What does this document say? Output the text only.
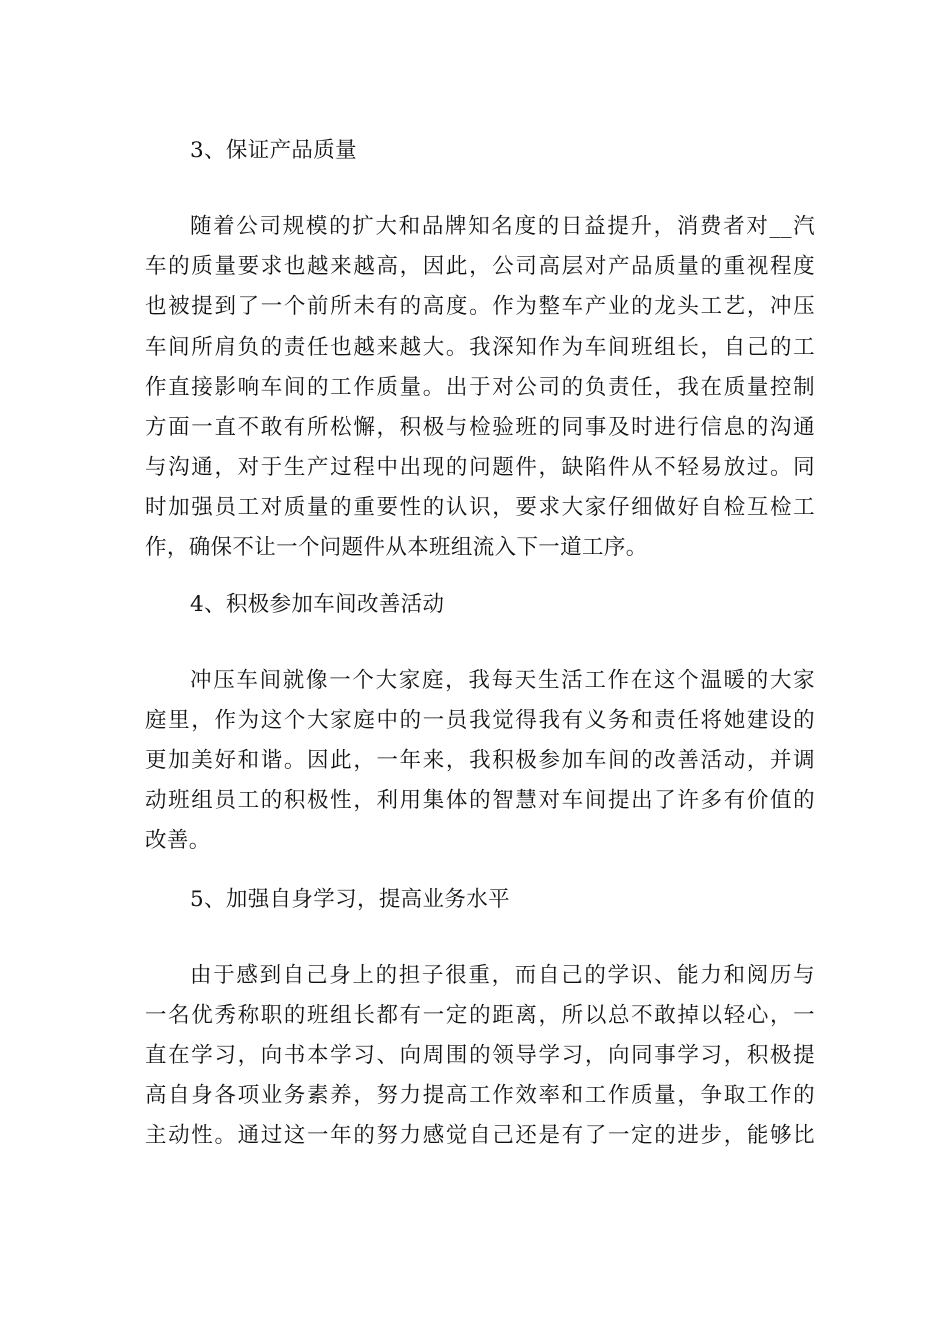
3、保证产品质量
随着公司规模的扩大和品牌知名度的日益提升，消费者对__汽
车的质量要求也越来越高，因此，公司高层对产品质量的重视程度
也被提到了一个前所未有的高度。作为整车产业的龙头工艺，冲压
车间所肩负的责任也越来越大。我深知作为车间班组长，自己的工
作直接影响车间的工作质量。出于对公司的负责任，我在质量控制
方面一直不敢有所松懈，积极与检验班的同事及时进行信息的沟通
与沟通，对于生产过程中出现的问题件，缺陷件从不轻易放过。同
时加强员工对质量的重要性的认识，要求大家仔细做好自检互检工
作，确保不让一个问题件从本班组流入下一道工序。
4、积极参加车间改善活动
冲压车间就像一个大家庭，我每天生活工作在这个温暖的大家
庭里，作为这个大家庭中的一员我觉得我有义务和责任将她建设的
更加美好和谐。因此，一年来，我积极参加车间的改善活动，并调
动班组员工的积极性，利用集体的智慧对车间提出了许多有价值的
改善。
5、加强自身学习，提高业务水平
由于感到自己身上的担子很重，而自己的学识、能力和阅历与
一名优秀称职的班组长都有一定的距离，所以总不敢掉以轻心，一
直在学习，向书本学习、向周围的领导学习，向同事学习，积极提
高自身各项业务素养，努力提高工作效率和工作质量，争取工作的
主动性。通过这一年的努力感觉自己还是有了一定的进步，能够比
